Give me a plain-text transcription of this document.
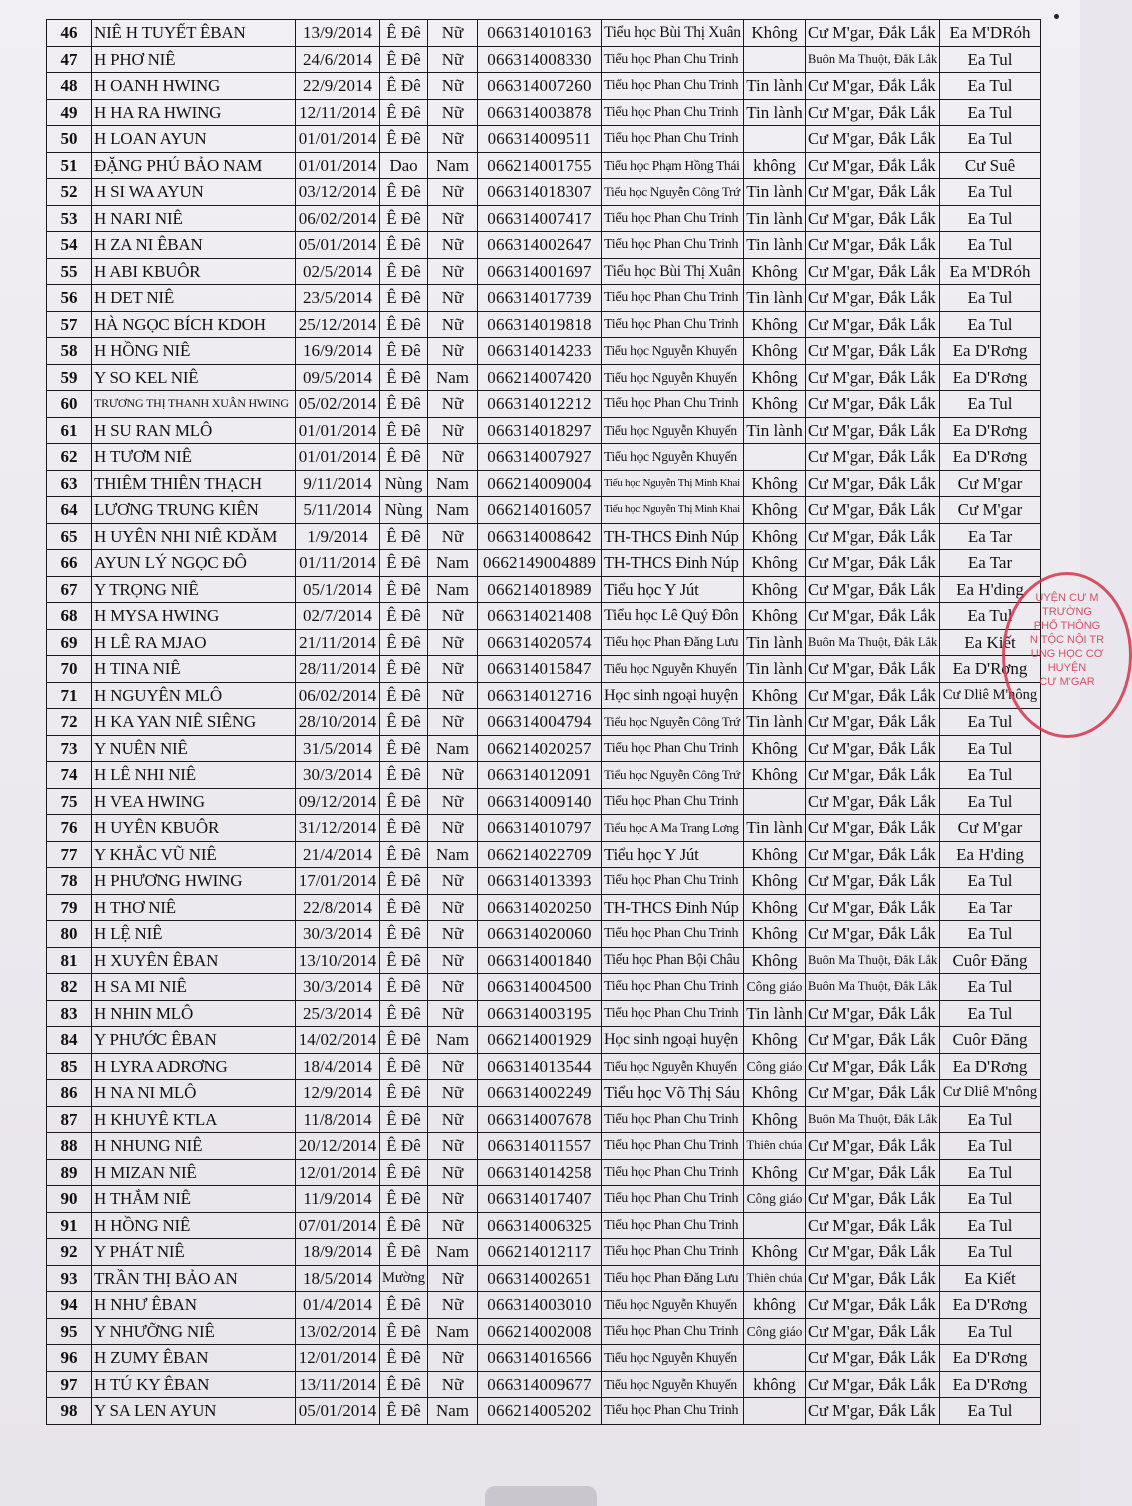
46	NIÊ H TUYẾT ÊBAN	13/9/2014	Ê Đê	Nữ	066314010163	Tiểu học Bùi Thị Xuân	Không	Cư M'gar, Đắk Lắk	Ea M'DRóh
47	H PHƠ NIÊ	24/6/2014	Ê Đê	Nữ	066314008330	Tiểu học Phan Chu Trinh		Buôn Ma Thuột, Đắk Lắk	Ea Tul
48	H OANH HWING	22/9/2014	Ê Đê	Nữ	066314007260	Tiểu học Phan Chu Trinh	Tin lành	Cư M'gar, Đắk Lắk	Ea Tul
49	H HA RA HWING	12/11/2014	Ê Đê	Nữ	066314003878	Tiểu học Phan Chu Trinh	Tin lành	Cư M'gar, Đắk Lắk	Ea Tul
50	H LOAN AYUN	01/01/2014	Ê Đê	Nữ	066314009511	Tiểu học Phan Chu Trinh		Cư M'gar, Đắk Lắk	Ea Tul
51	ĐẶNG PHÚ BẢO NAM	01/01/2014	Dao	Nam	066214001755	Tiểu học Phạm Hồng Thái	không	Cư M'gar, Đắk Lắk	Cư Suê
52	H SI WA AYUN	03/12/2014	Ê Đê	Nữ	066314018307	Tiểu học Nguyễn Công Trứ	Tin lành	Cư M'gar, Đắk Lắk	Ea Tul
53	H NARI NIÊ	06/02/2014	Ê Đê	Nữ	066314007417	Tiểu học Phan Chu Trinh	Tin lành	Cư M'gar, Đắk Lắk	Ea Tul
54	H ZA NI ÊBAN	05/01/2014	Ê Đê	Nữ	066314002647	Tiểu học Phan Chu Trinh	Tin lành	Cư M'gar, Đắk Lắk	Ea Tul
55	H ABI KBUÔR	02/5/2014	Ê Đê	Nữ	066314001697	Tiểu học Bùi Thị Xuân	Không	Cư M'gar, Đắk Lắk	Ea M'DRóh
56	H DET NIÊ	23/5/2014	Ê Đê	Nữ	066314017739	Tiểu học Phan Chu Trinh	Tin lành	Cư M'gar, Đắk Lắk	Ea Tul
57	HÀ NGỌC BÍCH KDOH	25/12/2014	Ê Đê	Nữ	066314019818	Tiểu học Phan Chu Trinh	Không	Cư M'gar, Đắk Lắk	Ea Tul
58	H HỒNG NIÊ	16/9/2014	Ê Đê	Nữ	066314014233	Tiểu học Nguyễn Khuyến	Không	Cư M'gar, Đắk Lắk	Ea D'Rơng
59	Y SO KEL NIÊ	09/5/2014	Ê Đê	Nam	066214007420	Tiểu học Nguyễn Khuyến	Không	Cư M'gar, Đắk Lắk	Ea D'Rơng
60	TRƯƠNG THỊ THANH XUÂN HWING	05/02/2014	Ê Đê	Nữ	066314012212	Tiểu học Phan Chu Trinh	Không	Cư M'gar, Đắk Lắk	Ea Tul
61	H SU RAN MLÔ	01/01/2014	Ê Đê	Nữ	066314018297	Tiểu học Nguyễn Khuyến	Tin lành	Cư M'gar, Đắk Lắk	Ea D'Rơng
62	H TƯƠM NIÊ	01/01/2014	Ê Đê	Nữ	066314007927	Tiểu học Nguyễn Khuyến		Cư M'gar, Đắk Lắk	Ea D'Rơng
63	THIÊM THIÊN THẠCH	9/11/2014	Nùng	Nam	066214009004	Tiểu học Nguyễn Thị Minh Khai	Không	Cư M'gar, Đắk Lắk	Cư M'gar
64	LƯƠNG TRUNG KIÊN	5/11/2014	Nùng	Nam	066214016057	Tiểu học Nguyễn Thị Minh Khai	Không	Cư M'gar, Đắk Lắk	Cư M'gar
65	H UYÊN NHI NIÊ KDĂM	1/9/2014	Ê Đê	Nữ	066314008642	TH-THCS Đinh Núp	Không	Cư M'gar, Đắk Lắk	Ea Tar
66	AYUN LÝ NGỌC ĐÔ	01/11/2014	Ê Đê	Nam	0662149004889	TH-THCS Đinh Núp	Không	Cư M'gar, Đắk Lắk	Ea Tar
67	Y TRỌNG NIÊ	05/1/2014	Ê Đê	Nam	066214018989	Tiểu học Y Jút	Không	Cư M'gar, Đắk Lắk	Ea H'ding
68	H MYSA HWING	02/7/2014	Ê Đê	Nữ	066314021408	Tiểu học Lê Quý Đôn	Không	Cư M'gar, Đắk Lắk	Ea Tul
69	H LÊ RA MJAO	21/11/2014	Ê Đê	Nữ	066314020574	Tiểu học Phan Đăng Lưu	Tin lành	Buôn Ma Thuột, Đắk Lắk	Ea Kiết
70	H TINA NIÊ	28/11/2014	Ê Đê	Nữ	066314015847	Tiểu học Nguyễn Khuyến	Tin lành	Cư M'gar, Đắk Lắk	Ea D'Rơng
71	H NGUYÊN MLÔ	06/02/2014	Ê Đê	Nữ	066314012716	Học sinh ngoại huyện	Không	Cư M'gar, Đắk Lắk	Cư Dliê M'nông
72	H KA YAN NIÊ SIÊNG	28/10/2014	Ê Đê	Nữ	066314004794	Tiểu học Nguyễn Công Trứ	Tin lành	Cư M'gar, Đắk Lắk	Ea Tul
73	Y NUÊN NIÊ	31/5/2014	Ê Đê	Nam	066214020257	Tiểu học Phan Chu Trinh	Không	Cư M'gar, Đắk Lắk	Ea Tul
74	H LÊ NHI NIÊ	30/3/2014	Ê Đê	Nữ	066314012091	Tiểu học Nguyễn Công Trứ	Không	Cư M'gar, Đắk Lắk	Ea Tul
75	H VEA HWING	09/12/2014	Ê Đê	Nữ	066314009140	Tiểu học Phan Chu Trinh		Cư M'gar, Đắk Lắk	Ea Tul
76	H UYÊN KBUÔR	31/12/2014	Ê Đê	Nữ	066314010797	Tiểu học A Ma Trang Lơng	Tin lành	Cư M'gar, Đắk Lắk	Cư M'gar
77	Y KHẮC VŨ NIÊ	21/4/2014	Ê Đê	Nam	066214022709	Tiểu học Y Jút	Không	Cư M'gar, Đắk Lắk	Ea H'ding
78	H PHƯƠNG HWING	17/01/2014	Ê Đê	Nữ	066314013393	Tiểu học Phan Chu Trinh	Không	Cư M'gar, Đắk Lắk	Ea Tul
79	H THƠ NIÊ	22/8/2014	Ê Đê	Nữ	066314020250	TH-THCS Đinh Núp	Không	Cư M'gar, Đắk Lắk	Ea Tar
80	H LỆ NIÊ	30/3/2014	Ê Đê	Nữ	066314020060	Tiểu học Phan Chu Trinh	Không	Cư M'gar, Đắk Lắk	Ea Tul
81	H XUYÊN ÊBAN	13/10/2014	Ê Đê	Nữ	066314001840	Tiểu học Phan Bội Châu	Không	Buôn Ma Thuột, Đắk Lắk	Cuôr Đăng
82	H SA MI NIÊ	30/3/2014	Ê Đê	Nữ	066314004500	Tiểu học Phan Chu Trinh	Công giáo	Buôn Ma Thuột, Đắk Lắk	Ea Tul
83	H NHIN MLÔ	25/3/2014	Ê Đê	Nữ	066314003195	Tiểu học Phan Chu Trinh	Tin lành	Cư M'gar, Đắk Lắk	Ea Tul
84	Y PHƯỚC ÊBAN	14/02/2014	Ê Đê	Nam	066214001929	Học sinh ngoại huyện	Không	Cư M'gar, Đắk Lắk	Cuôr Đăng
85	H LYRA ADRƠNG	18/4/2014	Ê Đê	Nữ	066314013544	Tiểu học Nguyễn Khuyến	Công giáo	Cư M'gar, Đắk Lắk	Ea D'Rơng
86	H NA NI MLÔ	12/9/2014	Ê Đê	Nữ	066314002249	Tiểu học Võ Thị Sáu	Không	Cư M'gar, Đắk Lắk	Cư Dliê M'nông
87	H KHUYÊ KTLA	11/8/2014	Ê Đê	Nữ	066314007678	Tiểu học Phan Chu Trinh	Không	Buôn Ma Thuột, Đắk Lắk	Ea Tul
88	H NHUNG NIÊ	20/12/2014	Ê Đê	Nữ	066314011557	Tiểu học Phan Chu Trinh	Thiên chúa	Cư M'gar, Đắk Lắk	Ea Tul
89	H MIZAN NIÊ	12/01/2014	Ê Đê	Nữ	066314014258	Tiểu học Phan Chu Trinh	Không	Cư M'gar, Đắk Lắk	Ea Tul
90	H THẮM NIÊ	11/9/2014	Ê Đê	Nữ	066314017407	Tiểu học Phan Chu Trinh	Công giáo	Cư M'gar, Đắk Lắk	Ea Tul
91	H HỒNG NIÊ	07/01/2014	Ê Đê	Nữ	066314006325	Tiểu học Phan Chu Trinh		Cư M'gar, Đắk Lắk	Ea Tul
92	Y PHÁT NIÊ	18/9/2014	Ê Đê	Nam	066214012117	Tiểu học Phan Chu Trinh	Không	Cư M'gar, Đắk Lắk	Ea Tul
93	TRẦN THỊ BẢO AN	18/5/2014	Mường	Nữ	066314002651	Tiểu học Phan Đăng Lưu	Thiên chúa	Cư M'gar, Đắk Lắk	Ea Kiết
94	H NHƯ ÊBAN	01/4/2014	Ê Đê	Nữ	066314003010	Tiểu học Nguyễn Khuyến	không	Cư M'gar, Đắk Lắk	Ea D'Rơng
95	Y NHƯỠNG NIÊ	13/02/2014	Ê Đê	Nam	066214002008	Tiểu học Phan Chu Trinh	Công giáo	Cư M'gar, Đắk Lắk	Ea Tul
96	H ZUMY ÊBAN	12/01/2014	Ê Đê	Nữ	066314016566	Tiểu học Nguyễn Khuyến		Cư M'gar, Đắk Lắk	Ea D'Rơng
97	H TÚ KY ÊBAN	13/11/2014	Ê Đê	Nữ	066314009677	Tiểu học Nguyễn Khuyến	không	Cư M'gar, Đắk Lắk	Ea D'Rơng
98	Y SA LEN AYUN	05/01/2014	Ê Đê	Nam	066214005202	Tiểu học Phan Chu Trinh		Cư M'gar, Đắk Lắk	Ea Tul
UYỆN CƯ M
TRƯỜNG
PHỔ THÔNG
N TỘC NỘI TR
UNG HỌC CƠ
HUYỆN
CƯ M'GAR
